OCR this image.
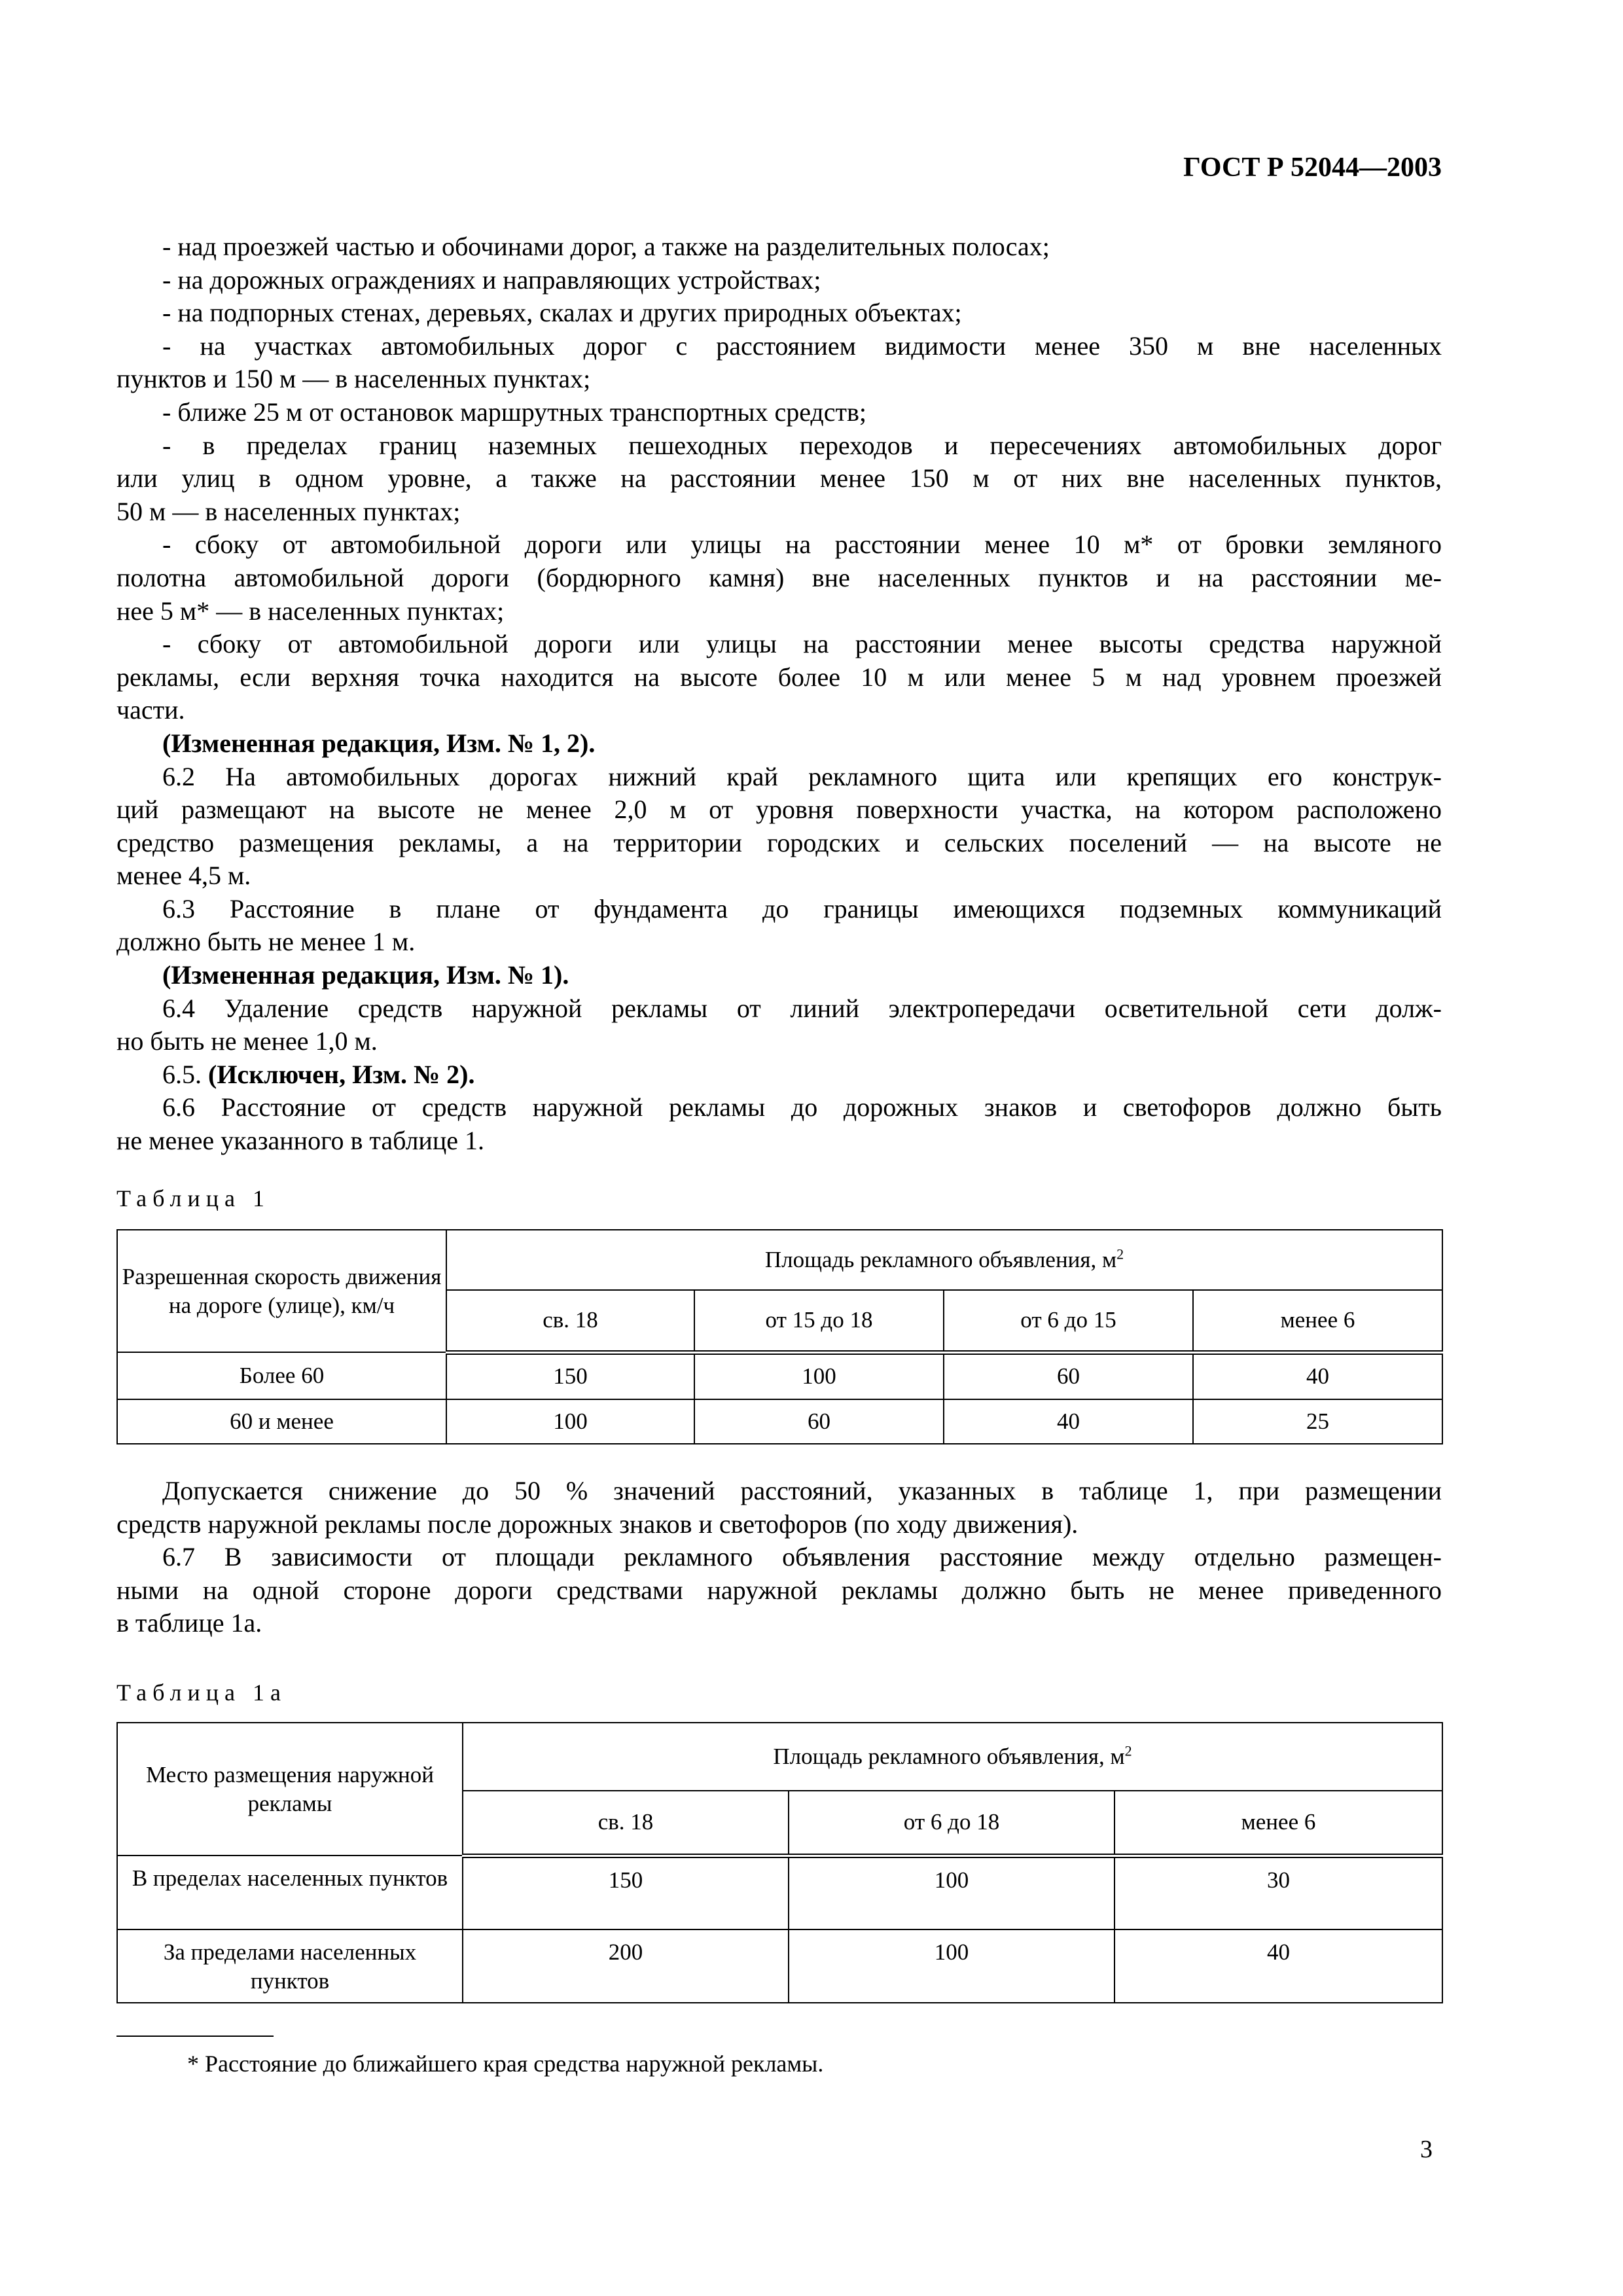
ГОСТ Р 52044—2003
- над проезжей частью и обочинами дорог, а также на разделительных полосах;
- на дорожных ограждениях и направляющих устройствах;
- на подпорных стенах, деревьях, скалах и других природных объектах;
- на участках автомобильных дорог с расстоянием видимости менее 350 м вне населенных
пунктов и 150 м — в населенных пунктах;
- ближе 25 м от остановок маршрутных транспортных средств;
- в пределах границ наземных пешеходных переходов и пересечениях автомобильных дорог
или улиц в одном уровне, а также на расстоянии менее 150 м от них вне населенных пунктов,
50 м — в населенных пунктах;
- сбоку от автомобильной дороги или улицы на расстоянии менее 10 м* от бровки земляного
полотна автомобильной дороги (бордюрного камня) вне населенных пунктов и на расстоянии ме-
нее 5 м* — в населенных пунктах;
- сбоку от автомобильной дороги или улицы на расстоянии менее высоты средства наружной
рекламы, если верхняя точка находится на высоте более 10 м или менее 5 м над уровнем проезжей
части.
(Измененная редакция, Изм. № 1, 2).
6.2 На автомобильных дорогах нижний край рекламного щита или крепящих его конструк-
ций размещают на высоте не менее 2,0 м от уровня поверхности участка, на котором расположено
средство размещения рекламы, а на территории городских и сельских поселений — на высоте не
менее 4,5 м.
6.3 Расстояние в плане от фундамента до границы имеющихся подземных коммуникаций
должно быть не менее 1 м.
(Измененная редакция, Изм. № 1).
6.4 Удаление средств наружной рекламы от линий электропередачи осветительной сети долж-
но быть не менее 1,0 м.
6.5. (Исключен, Изм. № 2).
6.6 Расстояние от средств наружной рекламы до дорожных знаков и светофоров должно быть
не менее указанного в таблице 1.
Таблица 1
Разрешенная скорость движения на дороге (улице), км/ч	Площадь рекламного объявления, $м^2$
	св. 18	от 15 до 18	от 6 до 15	менее 6
Более 60	150	100	60	40
60 и менее	100	60	40	25
Допускается снижение до 50 % значений расстояний, указанных в таблице 1, при размещении
средств наружной рекламы после дорожных знаков и светофоров (по ходу движения).
6.7 В зависимости от площади рекламного объявления расстояние между отдельно размещен-
ными на одной стороне дороги средствами наружной рекламы должно быть не менее приведенного
в таблице 1а.
Таблица 1а
Место размещения наружной рекламы	Площадь рекламного объявления, $м^2$
	св. 18	от 6 до 18	менее 6
В пределах населенных пунктов	150	100	30
За пределами населенных пунктов	200	100	40
* Расстояние до ближайшего края средства наружной рекламы.
3
